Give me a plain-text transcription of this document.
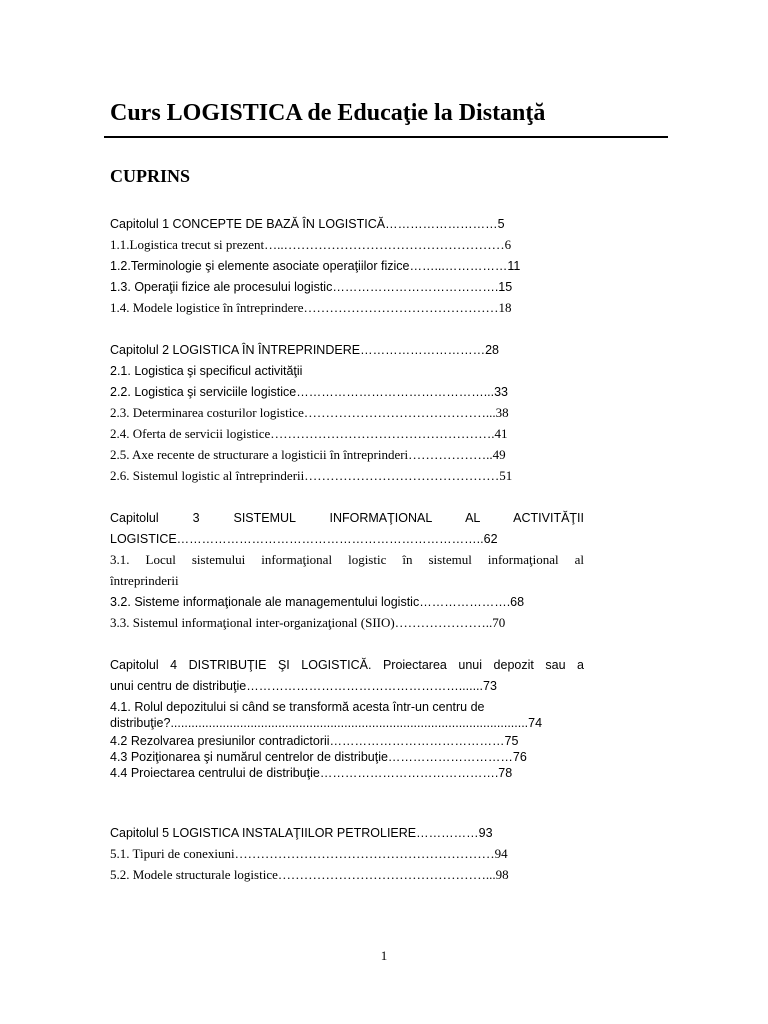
Curs LOGISTICA de Educaţie la Distanţă
CUPRINS
Capitolul 1 CONCEPTE DE BAZĂ ÎN LOGISTICĂ………………………5
1.1.Logistica trecut si prezent…..……………………………………………6
1.2.Terminologie şi elemente asociate operaţiilor fizice……...……………11
1.3. Operaţii fizice ale procesului logistic………………………………….15
1.4. Modele logistice în întreprindere………………………………………18
Capitolul 2 LOGISTICA ÎN ÎNTREPRINDERE…………………………28
2.1. Logistica şi specificul activităţii
2.2. Logistica şi serviciile logistice………………………………………...33
2.3. Determinarea costurilor logistice……………………………………...38
2.4. Oferta de servicii logistice…………………………………………….41
2.5. Axe recente de structurare a logisticii în întreprinderi………………..49
2.6. Sistemul logistic al întreprinderii………………………………………51
Capitolul 3 SISTEMUL INFORMAŢIONAL AL ACTIVITĂŢII
LOGISTICE………………………………………………………………..62
3.1. Locul sistemului informaţional logistic în sistemul informaţional al
întreprinderii
3.2. Sisteme informaţionale ale managementului logistic………………….68
3.3. Sistemul informaţional inter-organizaţional (SIIO)…………………..70
Capitolul 4 DISTRIBUŢIE ŞI LOGISTICĂ. Proiectarea unui depozit sau a
unui centru de distribuţie…………………………………………….......73
4.1. Rolul depozitului si când se transformă acesta într-un centru de
distribuţie?.......................................................................................................74
4.2 Rezolvarea presiunilor contradictorii……………………………………75
4.3 Poziţionarea şi numărul centrelor de distribuţie…………………………76
4.4 Proiectarea centrului de distribuţie…………………………………….78
Capitolul 5 LOGISTICA INSTALAŢIILOR PETROLIERE……………93
5.1. Tipuri de conexiuni……………………………………………………94
5.2. Modele structurale logistice…………………………………………...98
1
